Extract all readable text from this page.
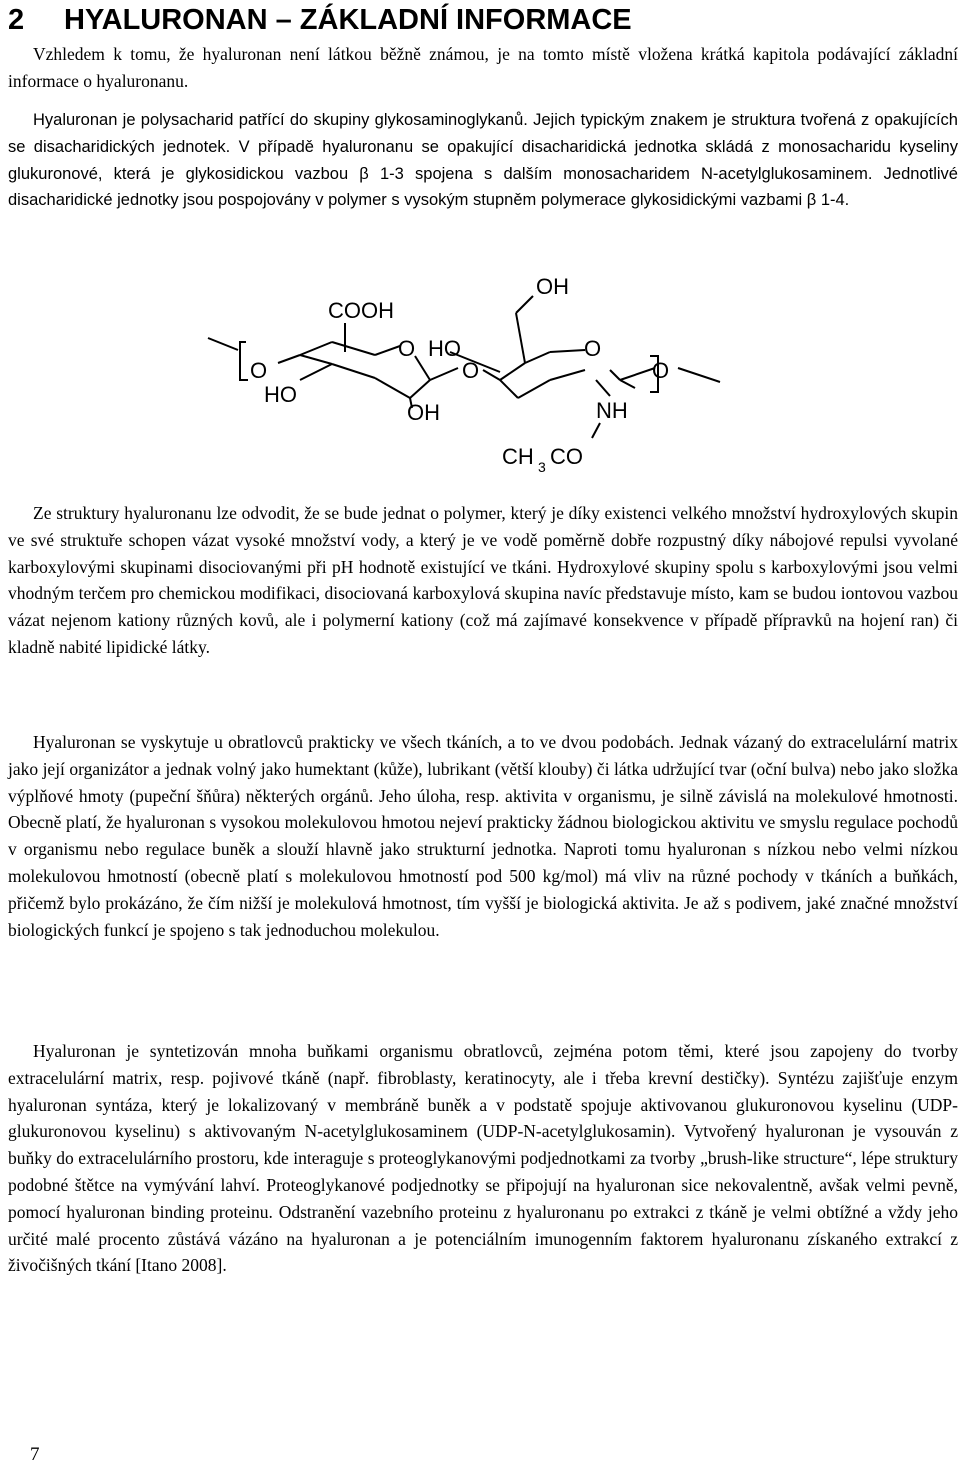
2 HYALURONAN – ZÁKLADNÍ INFORMACE

Vzhledem k tomu, že hyaluronan není látkou běžně známou, je na tomto místě vložena krátká kapitola podávající základní informace o hyaluronanu.

Hyaluronan je polysacharid patřící do skupiny glykosaminoglykanů. Jejich typickým znakem je struktura tvořená z opakujících se disacharidických jednotek. V případě hyaluronanu se opakující disacharidická jednotka skládá z monosacharidu kyseliny glukuronové, která je glykosidickou vazbou β 1-3 spojena s dalším monosacharidem N-acetylglukosaminem. Jednotlivé disacharidické jednotky jsou pospojovány v polymer s vysokým stupněm polymerace glykosidickými vazbami β 1-4.

OH
COOH
O
HO
O HO
OH
O
O
O
NH
CH 3 CO

Ze struktury hyaluronanu lze odvodit, že se bude jednat o polymer, který je díky existenci velkého množství hydroxylových skupin ve své struktuře schopen vázat vysoké množství vody, a který je ve vodě poměrně dobře rozpustný díky nábojové repulsi vyvolané karboxylovými skupinami disociovanými při pH hodnotě existující ve tkáni. Hydroxylové skupiny spolu s karboxylovými jsou velmi vhodným terčem pro chemickou modifikaci, disociovaná karboxylová skupina navíc představuje místo, kam se budou iontovou vazbou vázat nejenom kationy různých kovů, ale i polymerní kationy (což má zajímavé konsekvence v případě přípravků na hojení ran) či kladně nabité lipidické látky.

Hyaluronan se vyskytuje u obratlovců prakticky ve všech tkáních, a to ve dvou podobách. Jednak vázaný do extracelulární matrix jako její organizátor a jednak volný jako humektant (kůže), lubrikant (větší klouby) či látka udržující tvar (oční bulva) nebo jako složka výplňové hmoty (pupeční šňůra) některých orgánů. Jeho úloha, resp. aktivita v organismu, je silně závislá na molekulové hmotnosti. Obecně platí, že hyaluronan s vysokou molekulovou hmotou nejeví prakticky žádnou biologickou aktivitu ve smyslu regulace pochodů v organismu nebo regulace buněk a slouží hlavně jako strukturní jednotka. Naproti tomu hyaluronan s nízkou nebo velmi nízkou molekulovou hmotností (obecně platí s molekulovou hmotností pod 500 kg/mol) má vliv na různé pochody v tkáních a buňkách, přičemž bylo prokázáno, že čím nižší je molekulová hmotnost, tím vyšší je biologická aktivita. Je až s podivem, jaké značné množství biologických funkcí je spojeno s tak jednoduchou molekulou.

Hyaluronan je syntetizován mnoha buňkami organismu obratlovců, zejména potom těmi, které jsou zapojeny do tvorby extracelulární matrix, resp. pojivové tkáně (např. fibroblasty, keratinocyty, ale i třeba krevní destičky). Syntézu zajišťuje enzym hyaluronan syntáza, který je lokalizovaný v membráně buněk a v podstatě spojuje aktivovanou glukuronovou kyselinu (UDP-glukuronovou kyselinu) s aktivovaným N-acetylglukosaminem (UDP-N-acetylglukosamin). Vytvořený hyaluronan je vysouván z buňky do extracelulárního prostoru, kde interaguje s proteoglykanovými podjednotkami za tvorby „brush-like structure“, lépe struktury podobné štětce na vymývání lahví. Proteoglykanové podjednotky se připojují na hyaluronan sice nekovalentně, avšak velmi pevně, pomocí hyaluronan binding proteinu. Odstranění vazebního proteinu z hyaluronanu po extrakci z tkáně je velmi obtížné a vždy jeho určité malé procento zůstává vázáno na hyaluronan a je potenciálním imunogenním faktorem hyaluronanu získaného extrakcí z živočišných tkání [Itano 2008].

7
